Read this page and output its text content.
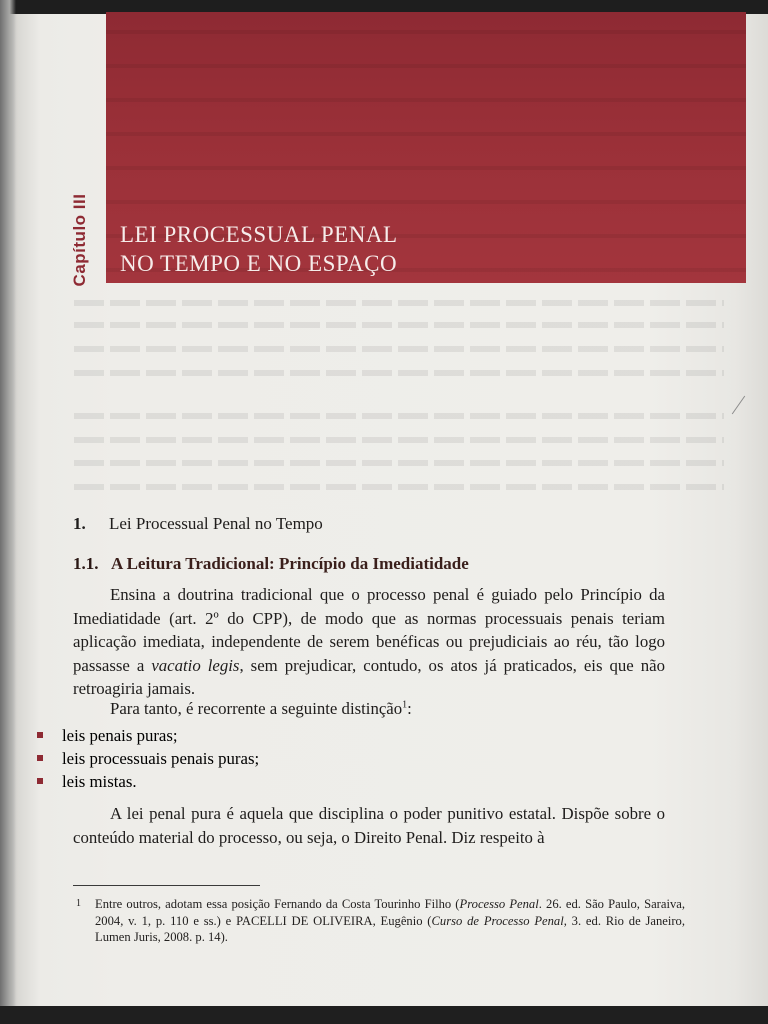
Capítulo III LEI PROCESSUAL PENAL
NO TEMPO E NO ESPAÇO
1. Lei Processual Penal no Tempo
1.1. A Leitura Tradicional: Princípio da Imediatidade

Ensina a doutrina tradicional que o processo penal é guiado pelo Princípio da Imediatidade (art. 2º do CPP), de modo que as normas processuais penais teriam aplicação imediata, independente de serem benéficas ou prejudiciais ao réu, tão logo passasse a vacatio legis, sem prejudicar, contudo, os atos já praticados, eis que não retroagiria jamais.

Para tanto, é recorrente a seguinte distinção$^1$:

A lei penal pura é aquela que disciplina o poder punitivo estatal. Dispõe sobre o conteúdo material do processo, ou seja, o Direito Penal. Diz respeito à

leis penais puras;
leis processuais penais puras;
leis mistas.

1 Entre outros, adotam essa posição Fernando da Costa Tourinho Filho (Processo Penal. 26. ed. São Paulo, Saraiva, 2004, v. 1, p. 110 e ss.) e PACELLI DE OLIVEIRA, Eugênio (Curso de Processo Penal, 3. ed. Rio de Janeiro, Lumen Juris, 2008. p. 14).
